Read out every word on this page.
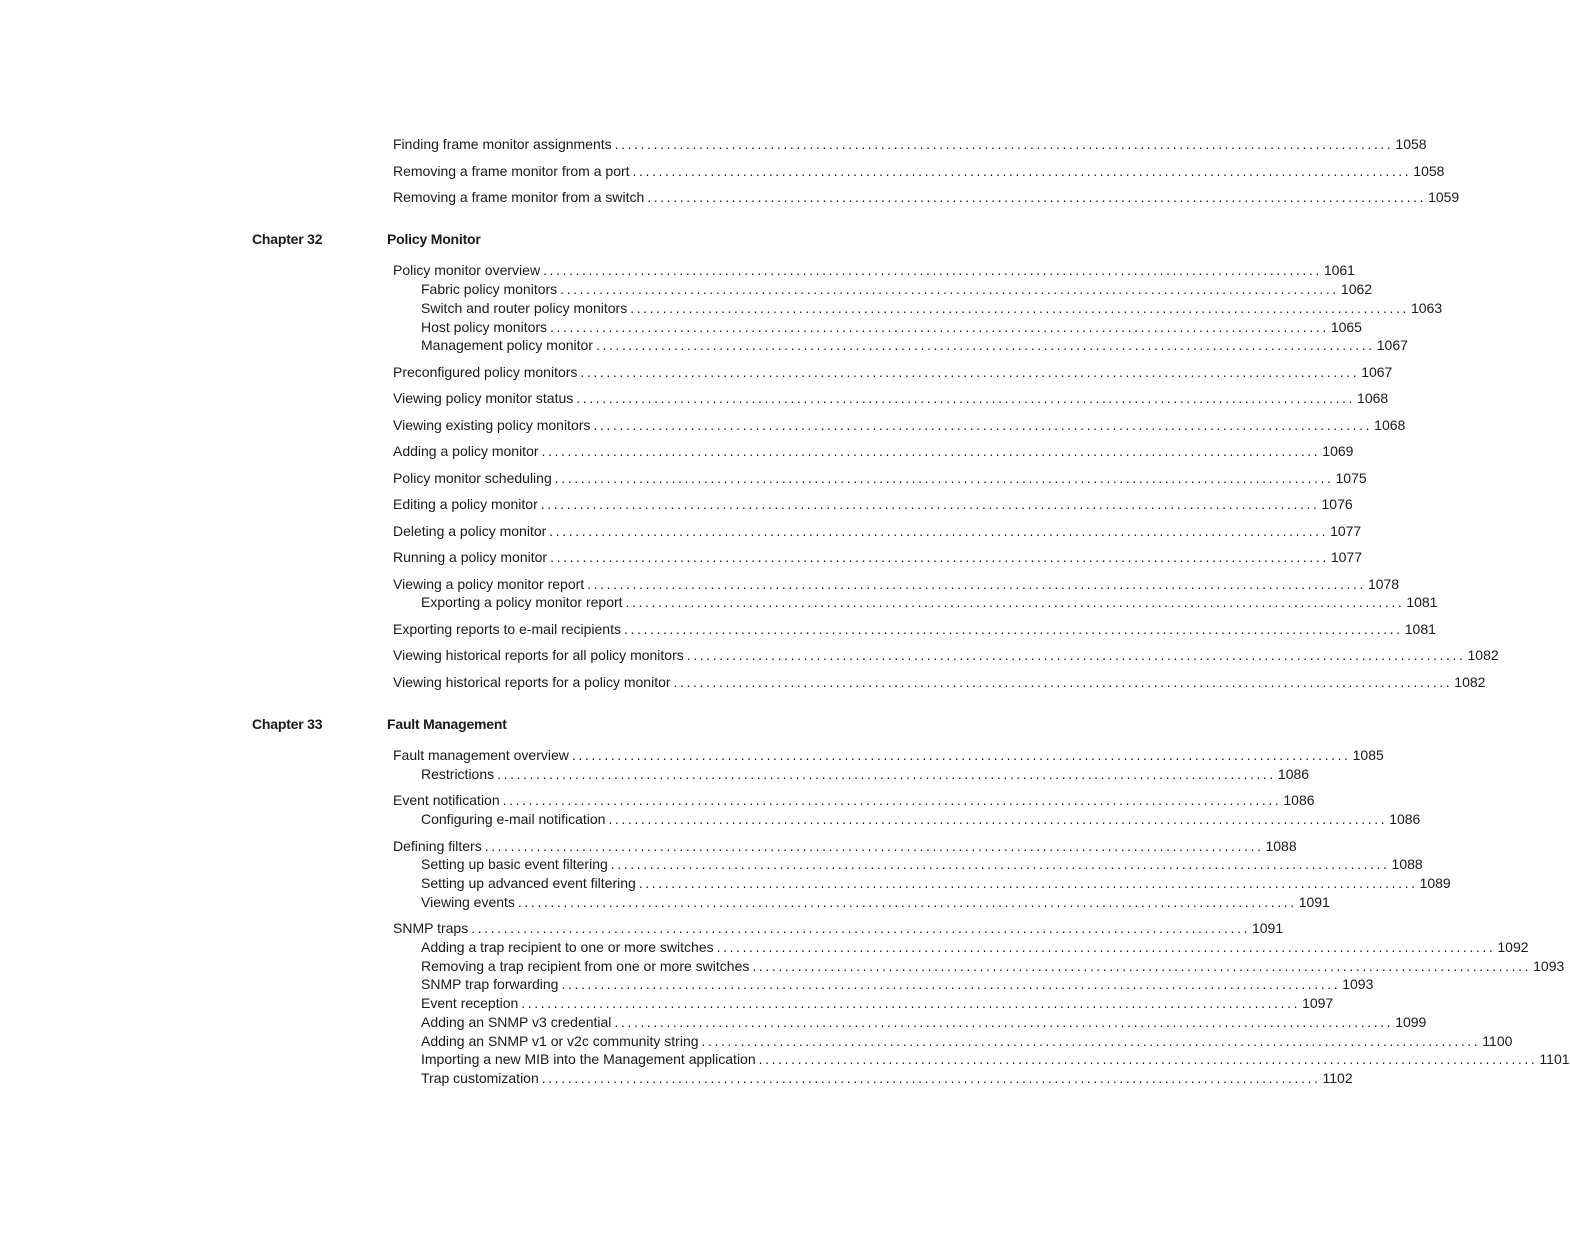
Finding frame monitor assignments ........................................................................................................................ 1058
Removing a frame monitor from a port ........................................................................................................................ 1058
Removing a frame monitor from a switch ........................................................................................................................ 1059
Chapter 32	Policy Monitor
Policy monitor overview ........................................................................................................................ 1061
Fabric policy monitors ........................................................................................................................ 1062
Switch and router policy monitors ........................................................................................................................ 1063
Host policy monitors ........................................................................................................................ 1065
Management policy monitor ........................................................................................................................ 1067
Preconfigured policy monitors ........................................................................................................................ 1067
Viewing policy monitor status ........................................................................................................................ 1068
Viewing existing policy monitors ........................................................................................................................ 1068
Adding a policy monitor ........................................................................................................................ 1069
Policy monitor scheduling ........................................................................................................................ 1075
Editing a policy monitor ........................................................................................................................ 1076
Deleting a policy monitor ........................................................................................................................ 1077
Running a policy monitor ........................................................................................................................ 1077
Viewing a policy monitor report ........................................................................................................................ 1078
Exporting a policy monitor report ........................................................................................................................ 1081
Exporting reports to e-mail recipients ........................................................................................................................ 1081
Viewing historical reports for all policy monitors ........................................................................................................................ 1082
Viewing historical reports for a policy monitor ........................................................................................................................ 1082
Chapter 33	Fault Management
Fault management overview ........................................................................................................................ 1085
Restrictions ........................................................................................................................ 1086
Event notification ........................................................................................................................ 1086
Configuring e-mail notification ........................................................................................................................ 1086
Defining filters ........................................................................................................................ 1088
Setting up basic event filtering ........................................................................................................................ 1088
Setting up advanced event filtering ........................................................................................................................ 1089
Viewing events ........................................................................................................................ 1091
SNMP traps ........................................................................................................................ 1091
Adding a trap recipient to one or more switches ........................................................................................................................ 1092
Removing a trap recipient from one or more switches ........................................................................................................................ 1093
SNMP trap forwarding ........................................................................................................................ 1093
Event reception ........................................................................................................................ 1097
Adding an SNMP v3 credential ........................................................................................................................ 1099
Adding an SNMP v1 or v2c community string ........................................................................................................................ 1100
Importing a new MIB into the Management application ........................................................................................................................ 1101
Trap customization ........................................................................................................................ 1102
